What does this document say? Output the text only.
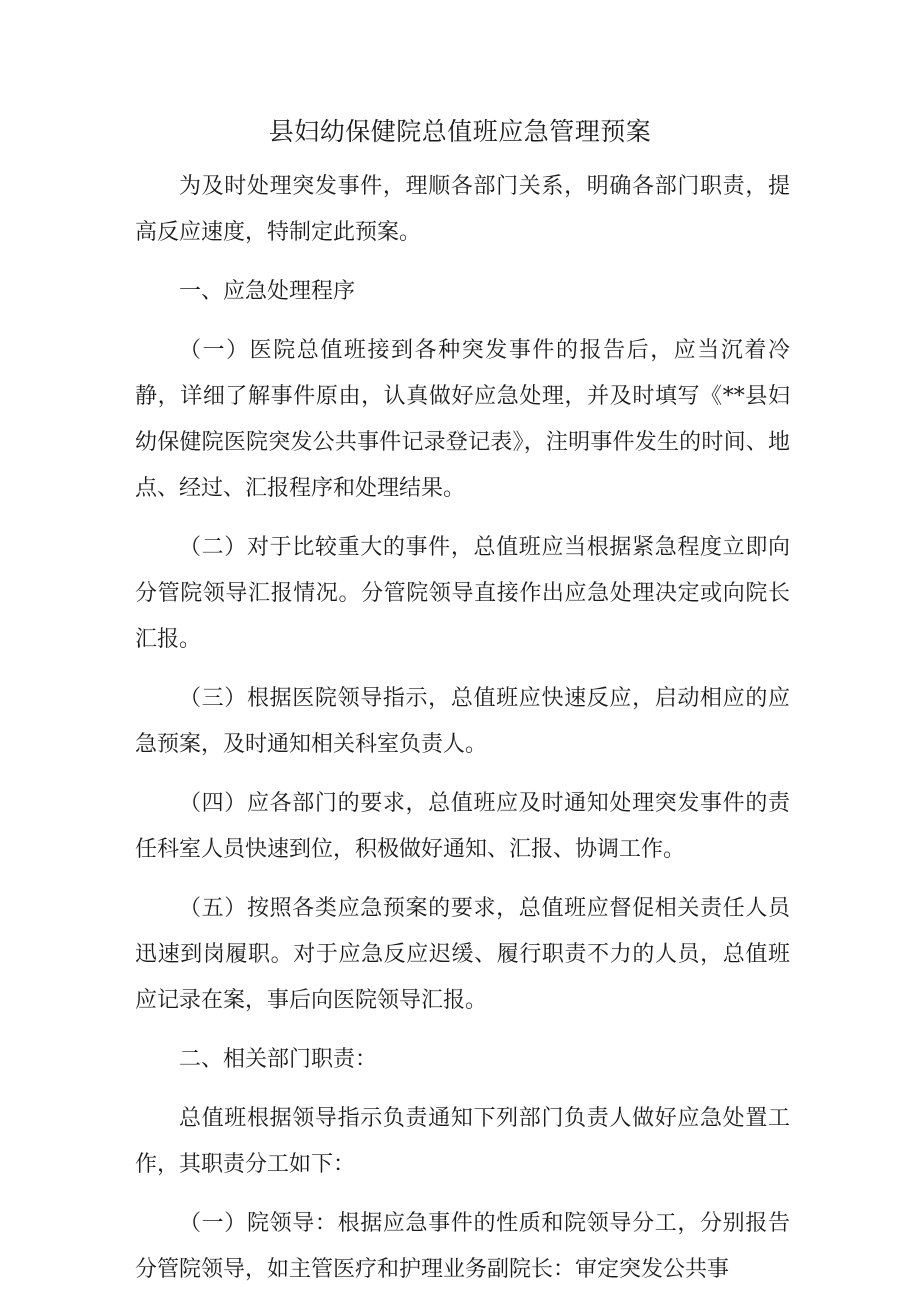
县妇幼保健院总值班应急管理预案

为及时处理突发事件，理顺各部门关系，明确各部门职责，提高反应速度，特制定此预案。

一、应急处理程序

（一）医院总值班接到各种突发事件的报告后，应当沉着冷静，详细了解事件原由，认真做好应急处理，并及时填写《**县妇幼保健院医院突发公共事件记录登记表》，注明事件发生的时间、地点、经过、汇报程序和处理结果。

（二）对于比较重大的事件，总值班应当根据紧急程度立即向分管院领导汇报情况。分管院领导直接作出应急处理决定或向院长汇报。

（三）根据医院领导指示，总值班应快速反应，启动相应的应急预案，及时通知相关科室负责人。

（四）应各部门的要求，总值班应及时通知处理突发事件的责任科室人员快速到位，积极做好通知、汇报、协调工作。

（五）按照各类应急预案的要求，总值班应督促相关责任人员迅速到岗履职。对于应急反应迟缓、履行职责不力的人员，总值班应记录在案，事后向医院领导汇报。

二、相关部门职责：

总值班根据领导指示负责通知下列部门负责人做好应急处置工作，其职责分工如下：

（一）院领导：根据应急事件的性质和院领导分工，分别报告分管院领导，如主管医疗和护理业务副院长：审定突发公共事
